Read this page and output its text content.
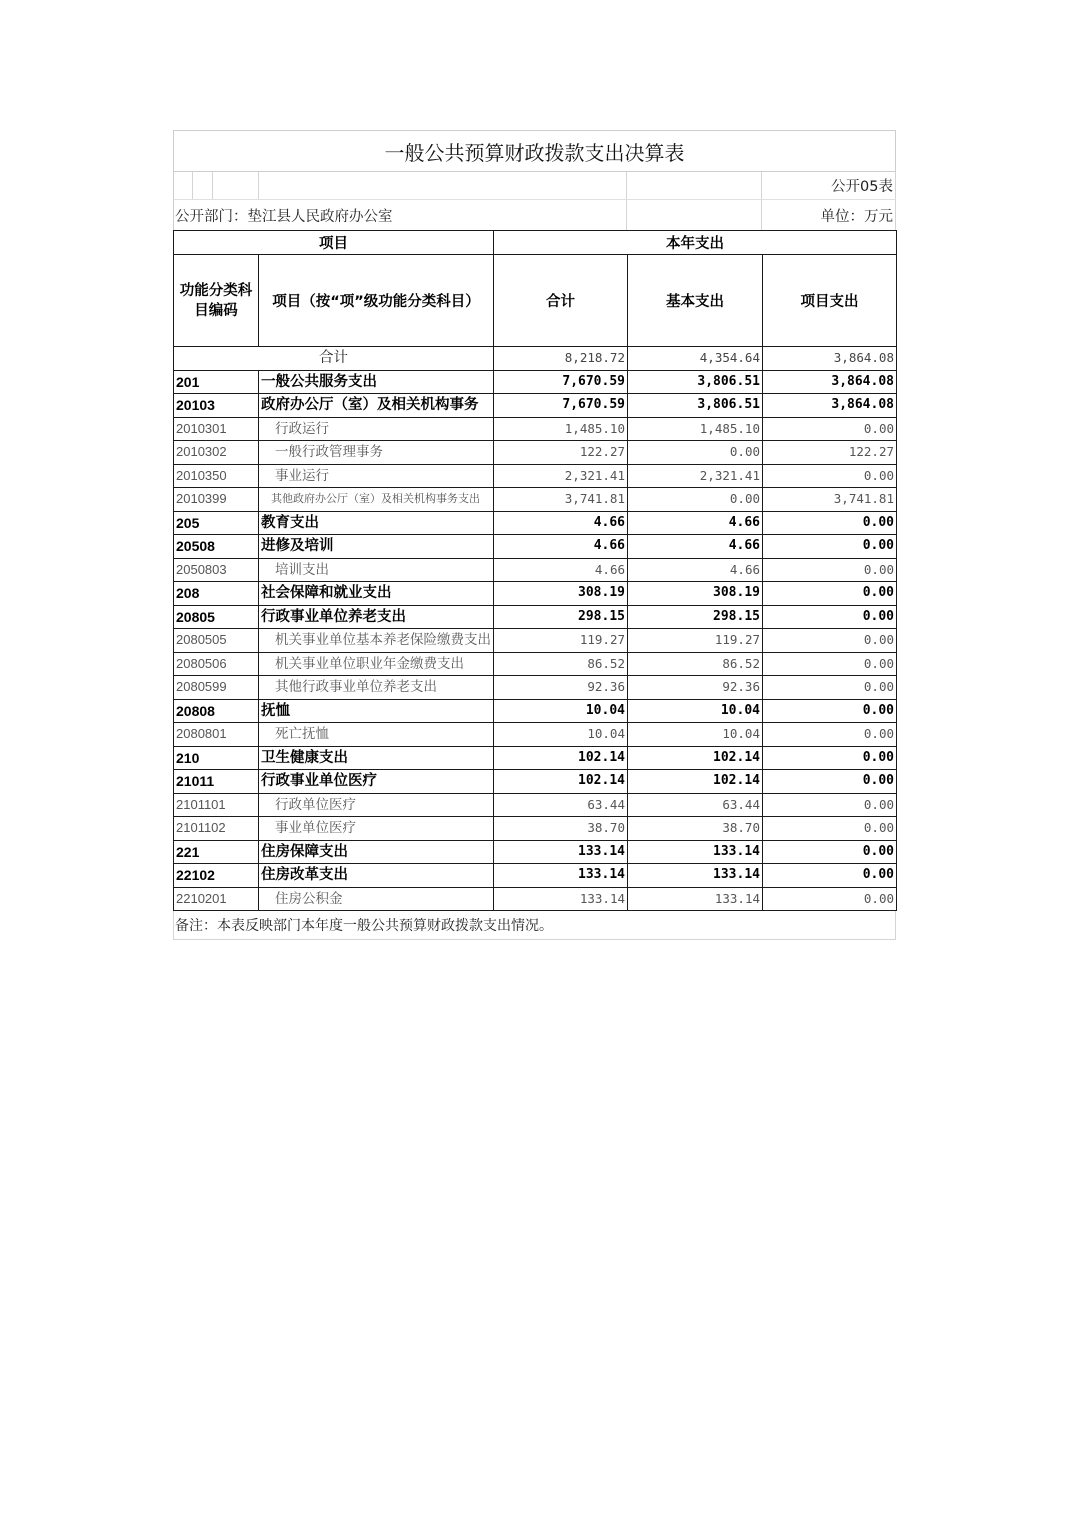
一般公共预算财政拨款支出决算表
公开05表
公开部门：垫江县人民政府办公室	单位：万元
项目		本年支出		
功能分类科目编码	项目（按“项”级功能分类科目）	合计	基本支出	项目支出
合计		8,218.72	4,354.64	3,864.08
201	一般公共服务支出	7,670.59	3,806.51	3,864.08
20103	政府办公厅（室）及相关机构事务	7,670.59	3,806.51	3,864.08
2010301	行政运行	1,485.10	1,485.10	0.00
2010302	一般行政管理事务	122.27	0.00	122.27
2010350	事业运行	2,321.41	2,321.41	0.00
2010399	其他政府办公厅（室）及相关机构事务支出	3,741.81	0.00	3,741.81
205	教育支出	4.66	4.66	0.00
20508	进修及培训	4.66	4.66	0.00
2050803	培训支出	4.66	4.66	0.00
208	社会保障和就业支出	308.19	308.19	0.00
20805	行政事业单位养老支出	298.15	298.15	0.00
2080505	机关事业单位基本养老保险缴费支出	119.27	119.27	0.00
2080506	机关事业单位职业年金缴费支出	86.52	86.52	0.00
2080599	其他行政事业单位养老支出	92.36	92.36	0.00
20808	抚恤	10.04	10.04	0.00
2080801	死亡抚恤	10.04	10.04	0.00
210	卫生健康支出	102.14	102.14	0.00
21011	行政事业单位医疗	102.14	102.14	0.00
2101101	行政单位医疗	63.44	63.44	0.00
2101102	事业单位医疗	38.70	38.70	0.00
221	住房保障支出	133.14	133.14	0.00
22102	住房改革支出	133.14	133.14	0.00
2210201	住房公积金	133.14	133.14	0.00
备注：本表反映部门本年度一般公共预算财政拨款支出情况。
